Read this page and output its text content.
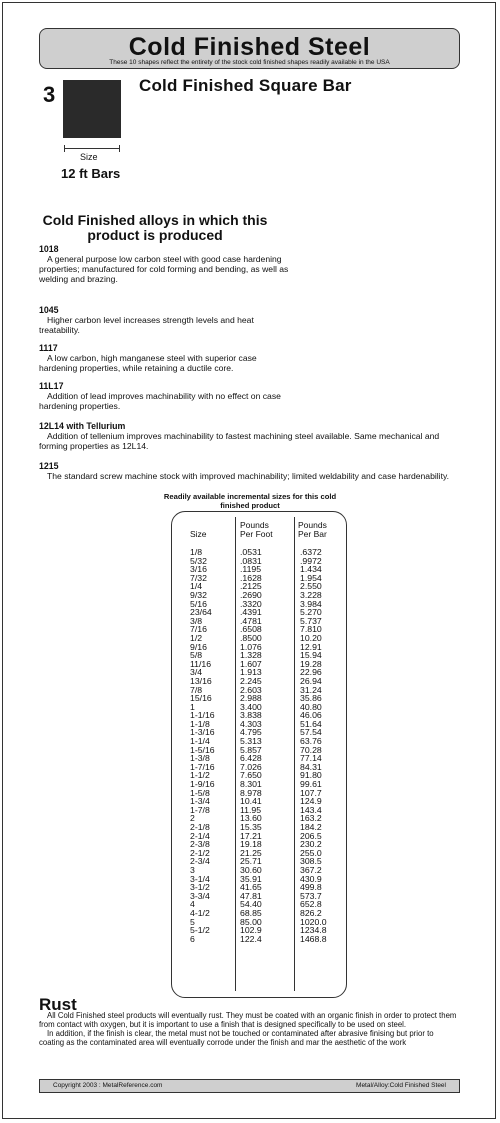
Cold Finished Steel
These 10 shapes reflect the entirety of the stock cold finished shapes readily available in the USA
3
Size
12 ft Bars
Cold Finished Square Bar
Cold Finished alloys in which this product is produced
1018
A general purpose low carbon steel with good case hardening properties; manufactured for cold forming and bending, as well as welding and brazing.
1045
Higher carbon level increases strength levels and heat treatability.
1117
A low carbon, high manganese steel with superior case hardening properties, while retaining a ductile core.
11L17
Addition of lead improves machinability with no effect on case hardening properties.
12L14 with Tellurium
Addition of tellenium improves machinability to fastest machining steel available. Same mechanical and forming properties as 12L14.
1215
The standard screw machine stock with improved machinability; limited weldability and case hardenability.
Readily available incremental sizes for this cold finished product
Size
1/8
5/32
3/16
7/32
1/4
9/32
5/16
23/64
3/8
7/16
1/2
9/16
5/8
11/16
3/4
13/16
7/8
15/16
1
1-1/16
1-1/8
1-3/16
1-1/4
1-5/16
1-3/8
1-7/16
1-1/2
1-9/16
1-5/8
1-3/4
1-7/8
2
2-1/8
2-1/4
2-3/8
2-1/2
2-3/4
3
3-1/4
3-1/2
3-3/4
4
4-1/2
5
5-1/2
6
Pounds
Per Foot
.0531
.0831
.1195
.1628
.2125
.2690
.3320
.4391
.4781
.6508
.8500
1.076
1.328
1.607
1.913
2.245
2.603
2.988
3.400
3.838
4.303
4.795
5.313
5.857
6.428
7.026
7.650
8.301
8.978
10.41
11.95
13.60
15.35
17.21
19.18
21.25
25.71
30.60
35.91
41.65
47.81
54.40
68.85
85.00
102.9
122.4
Pounds
Per Bar
.6372
.9972
1.434
1.954
2.550
3.228
3.984
5.270
5.737
7.810
10.20
12.91
15.94
19.28
22.96
26.94
31.24
35.86
40.80
46.06
51.64
57.54
63.76
70.28
77.14
84.31
91.80
99.61
107.7
124.9
143.4
163.2
184.2
206.5
230.2
255.0
308.5
367.2
430.9
499.8
573.7
652.8
826.2
1020.0
1234.8
1468.8
Rust

All Cold Finished steel products will eventually rust. They must be coated with an organic finish in order to protect them from contact with oxygen, but it is important to use a finish that is designed specifically to be used on steel.

In addition, if the finish is clear, the metal must not be touched or contaminated after abrasive finising but prior to coating as the contaminated area will eventually corrode under the finish and mar the aesthetic of the work

Copyright 2003 : MetalReference.com	Metal/Alloy:Cold Finished Steel
